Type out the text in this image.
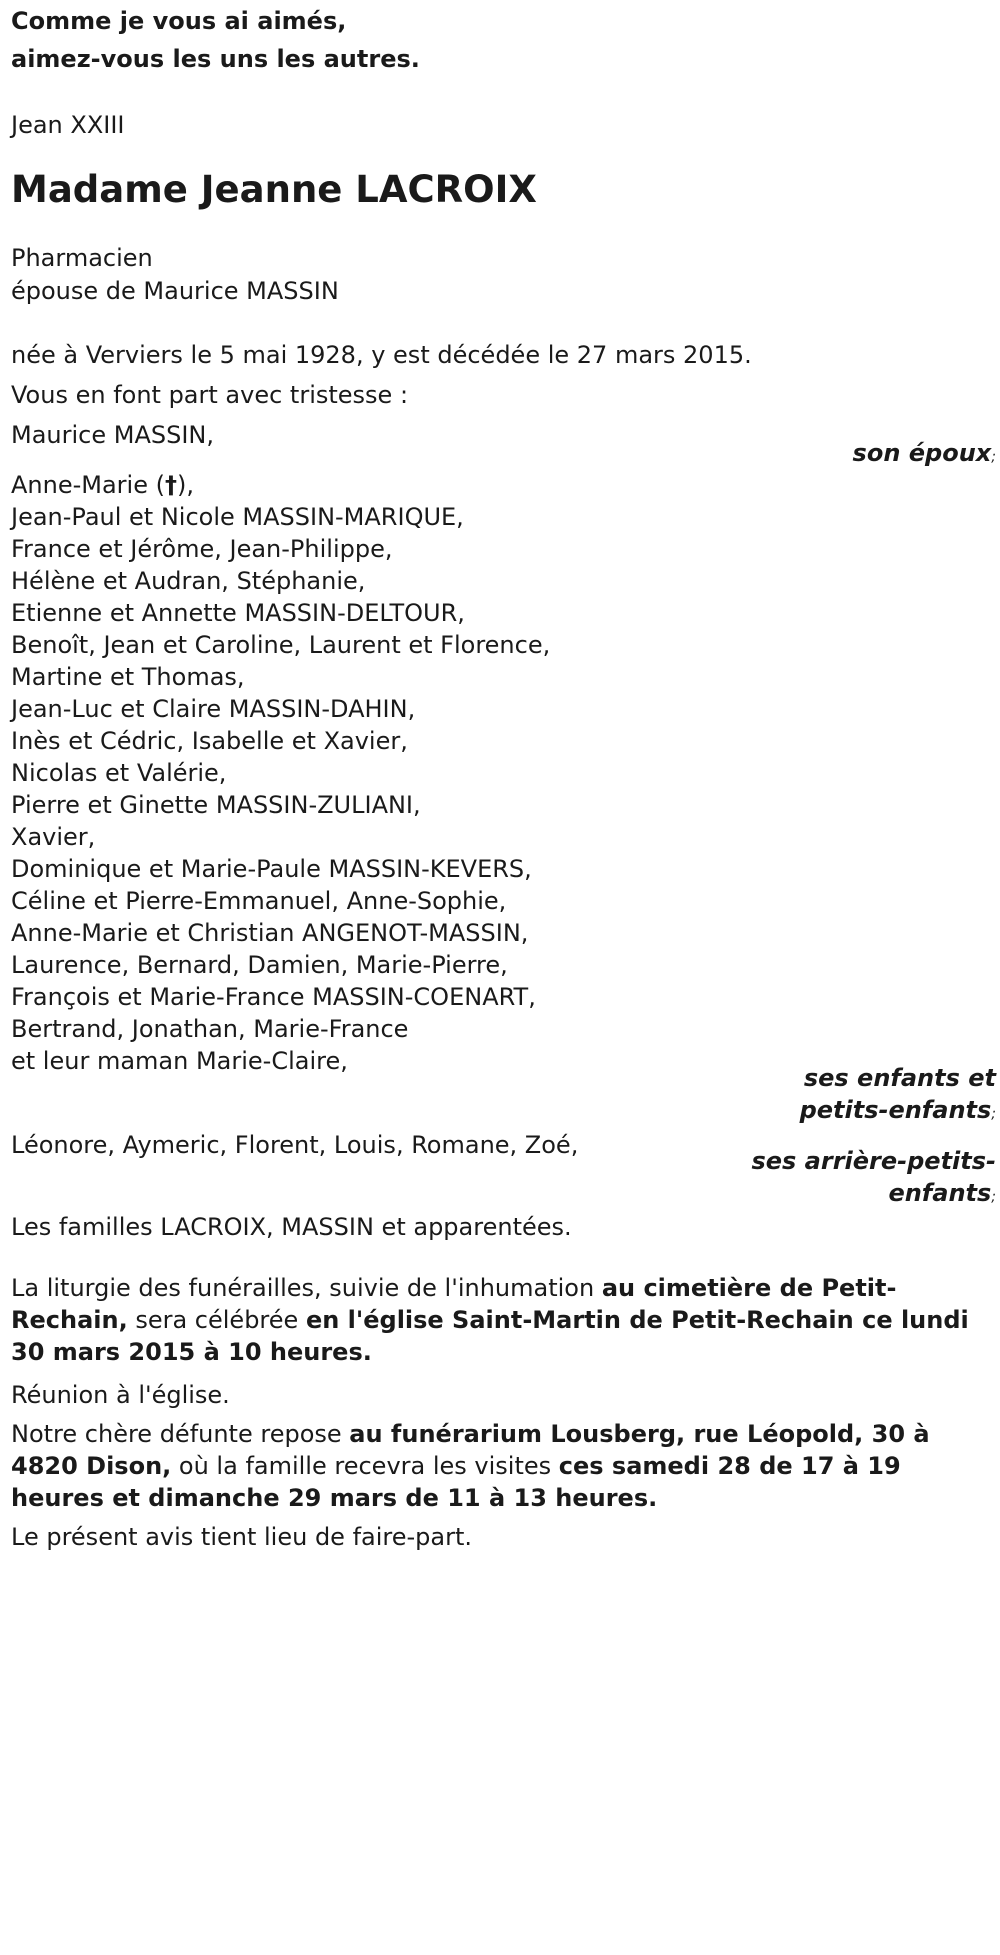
Comme je vous ai aimés,
aimez-vous les uns les autres.
Jean XXIII
Madame Jeanne LACROIX
Pharmacien
épouse de Maurice MASSIN
née à Verviers le 5 mai 1928, y est décédée le 27 mars 2015.
Vous en font part avec tristesse :
Maurice MASSIN,
son époux;
Anne-Marie (†),
Jean-Paul et Nicole MASSIN-MARIQUE,
France et Jérôme, Jean-Philippe,
Hélène et Audran, Stéphanie,
Etienne et Annette MASSIN-DELTOUR,
Benoît, Jean et Caroline, Laurent et Florence,
Martine et Thomas,
Jean-Luc et Claire MASSIN-DAHIN,
Inès et Cédric, Isabelle et Xavier,
Nicolas et Valérie,
Pierre et Ginette MASSIN-ZULIANI,
Xavier,
Dominique et Marie-Paule MASSIN-KEVERS,
Céline et Pierre-Emmanuel, Anne-Sophie,
Anne-Marie et Christian ANGENOT-MASSIN,
Laurence, Bernard, Damien, Marie-Pierre,
François et Marie-France MASSIN-COENART,
Bertrand, Jonathan, Marie-France
et leur maman Marie-Claire,
ses enfants et
petits-enfants;
Léonore, Aymeric, Florent, Louis, Romane, Zoé,
ses arrière-petits-
enfants;
Les familles LACROIX, MASSIN et apparentées.
La liturgie des funérailles, suivie de l'inhumation au cimetière de Petit-Rechain, sera célébrée en l'église Saint-Martin de Petit-Rechain ce lundi 30 mars 2015 à 10 heures.
Réunion à l'église.
Notre chère défunte repose au funérarium Lousberg, rue Léopold, 30 à 4820 Dison, où la famille recevra les visites ces samedi 28 de 17 à 19 heures et dimanche 29 mars de 11 à 13 heures.
Le présent avis tient lieu de faire-part.
